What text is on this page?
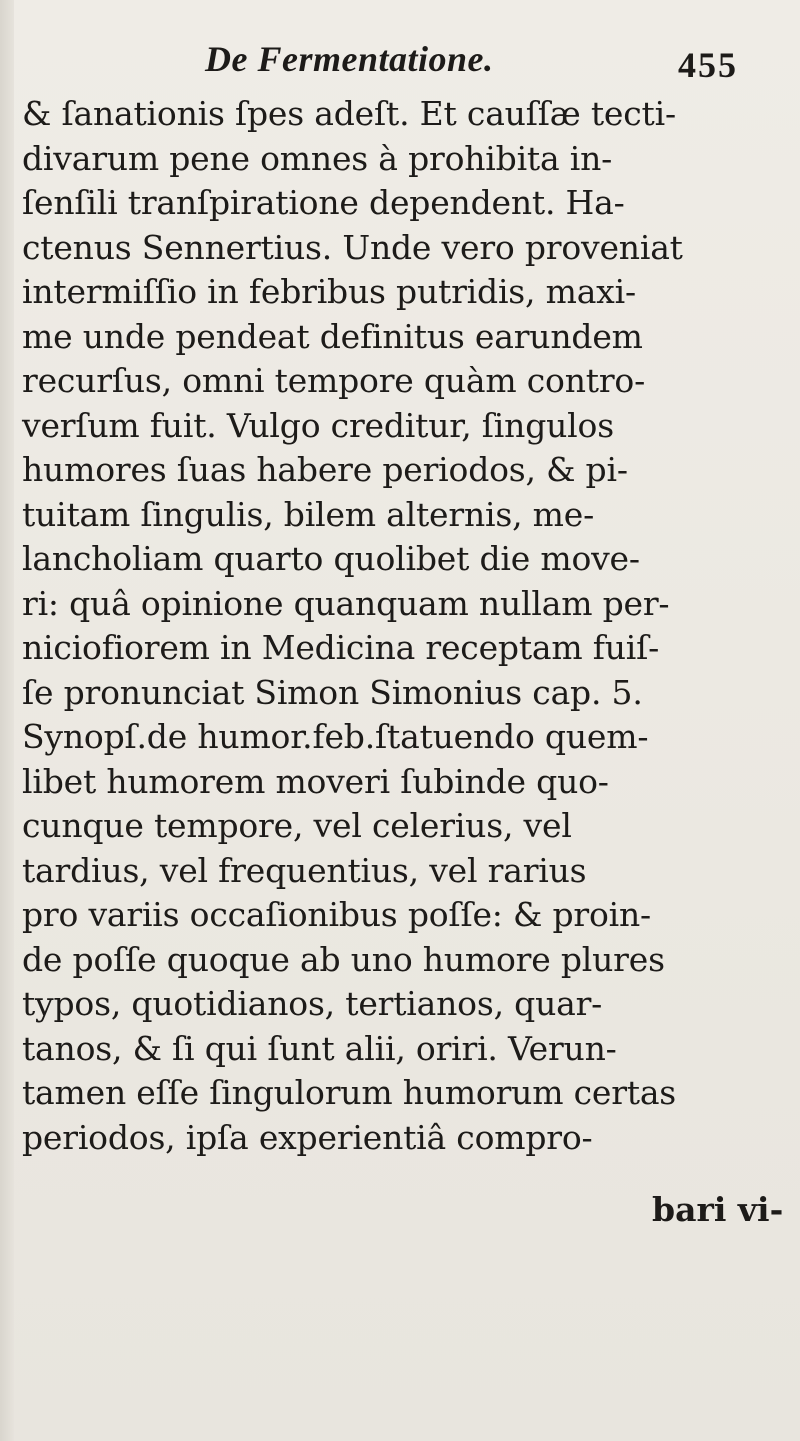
De Fermentatione.	455
& ſanationis ſpes adeſt. Et cauſſæ tecti-
divarum pene omnes à prohibita in-
ſenſili tranſpiratione dependent. Ha-
ctenus Sennertius. Unde vero proveniat
intermiſſio in febribus putridis, maxi-
me unde pendeat definitus earundem
recurſus, omni tempore quàm contro-
verſum fuit. Vulgo creditur, ſingulos
humores ſuas habere periodos, & pi-
tuitam ſingulis, bilem alternis, me-
lancholiam quarto quolibet die move-
ri: quâ opinione quanquam nullam per-
niciofiorem in Medicina receptam fuiſ-
ſe pronunciat Simon Simonius cap. 5.
Synopſ.de humor.feb.ſtatuendo quem-
libet humorem moveri ſubinde quo-
cunque tempore, vel celerius, vel
tardius, vel frequentius, vel rarius
pro variis occaſionibus poſſe: & proin-
de poſſe quoque ab uno humore plures
typos, quotidianos, tertianos, quar-
tanos, & ſi qui ſunt alii, oriri. Verun-
tamen eſſe ſingulorum humorum certas
periodos, ipſa experientiâ compro-
bari vi-
